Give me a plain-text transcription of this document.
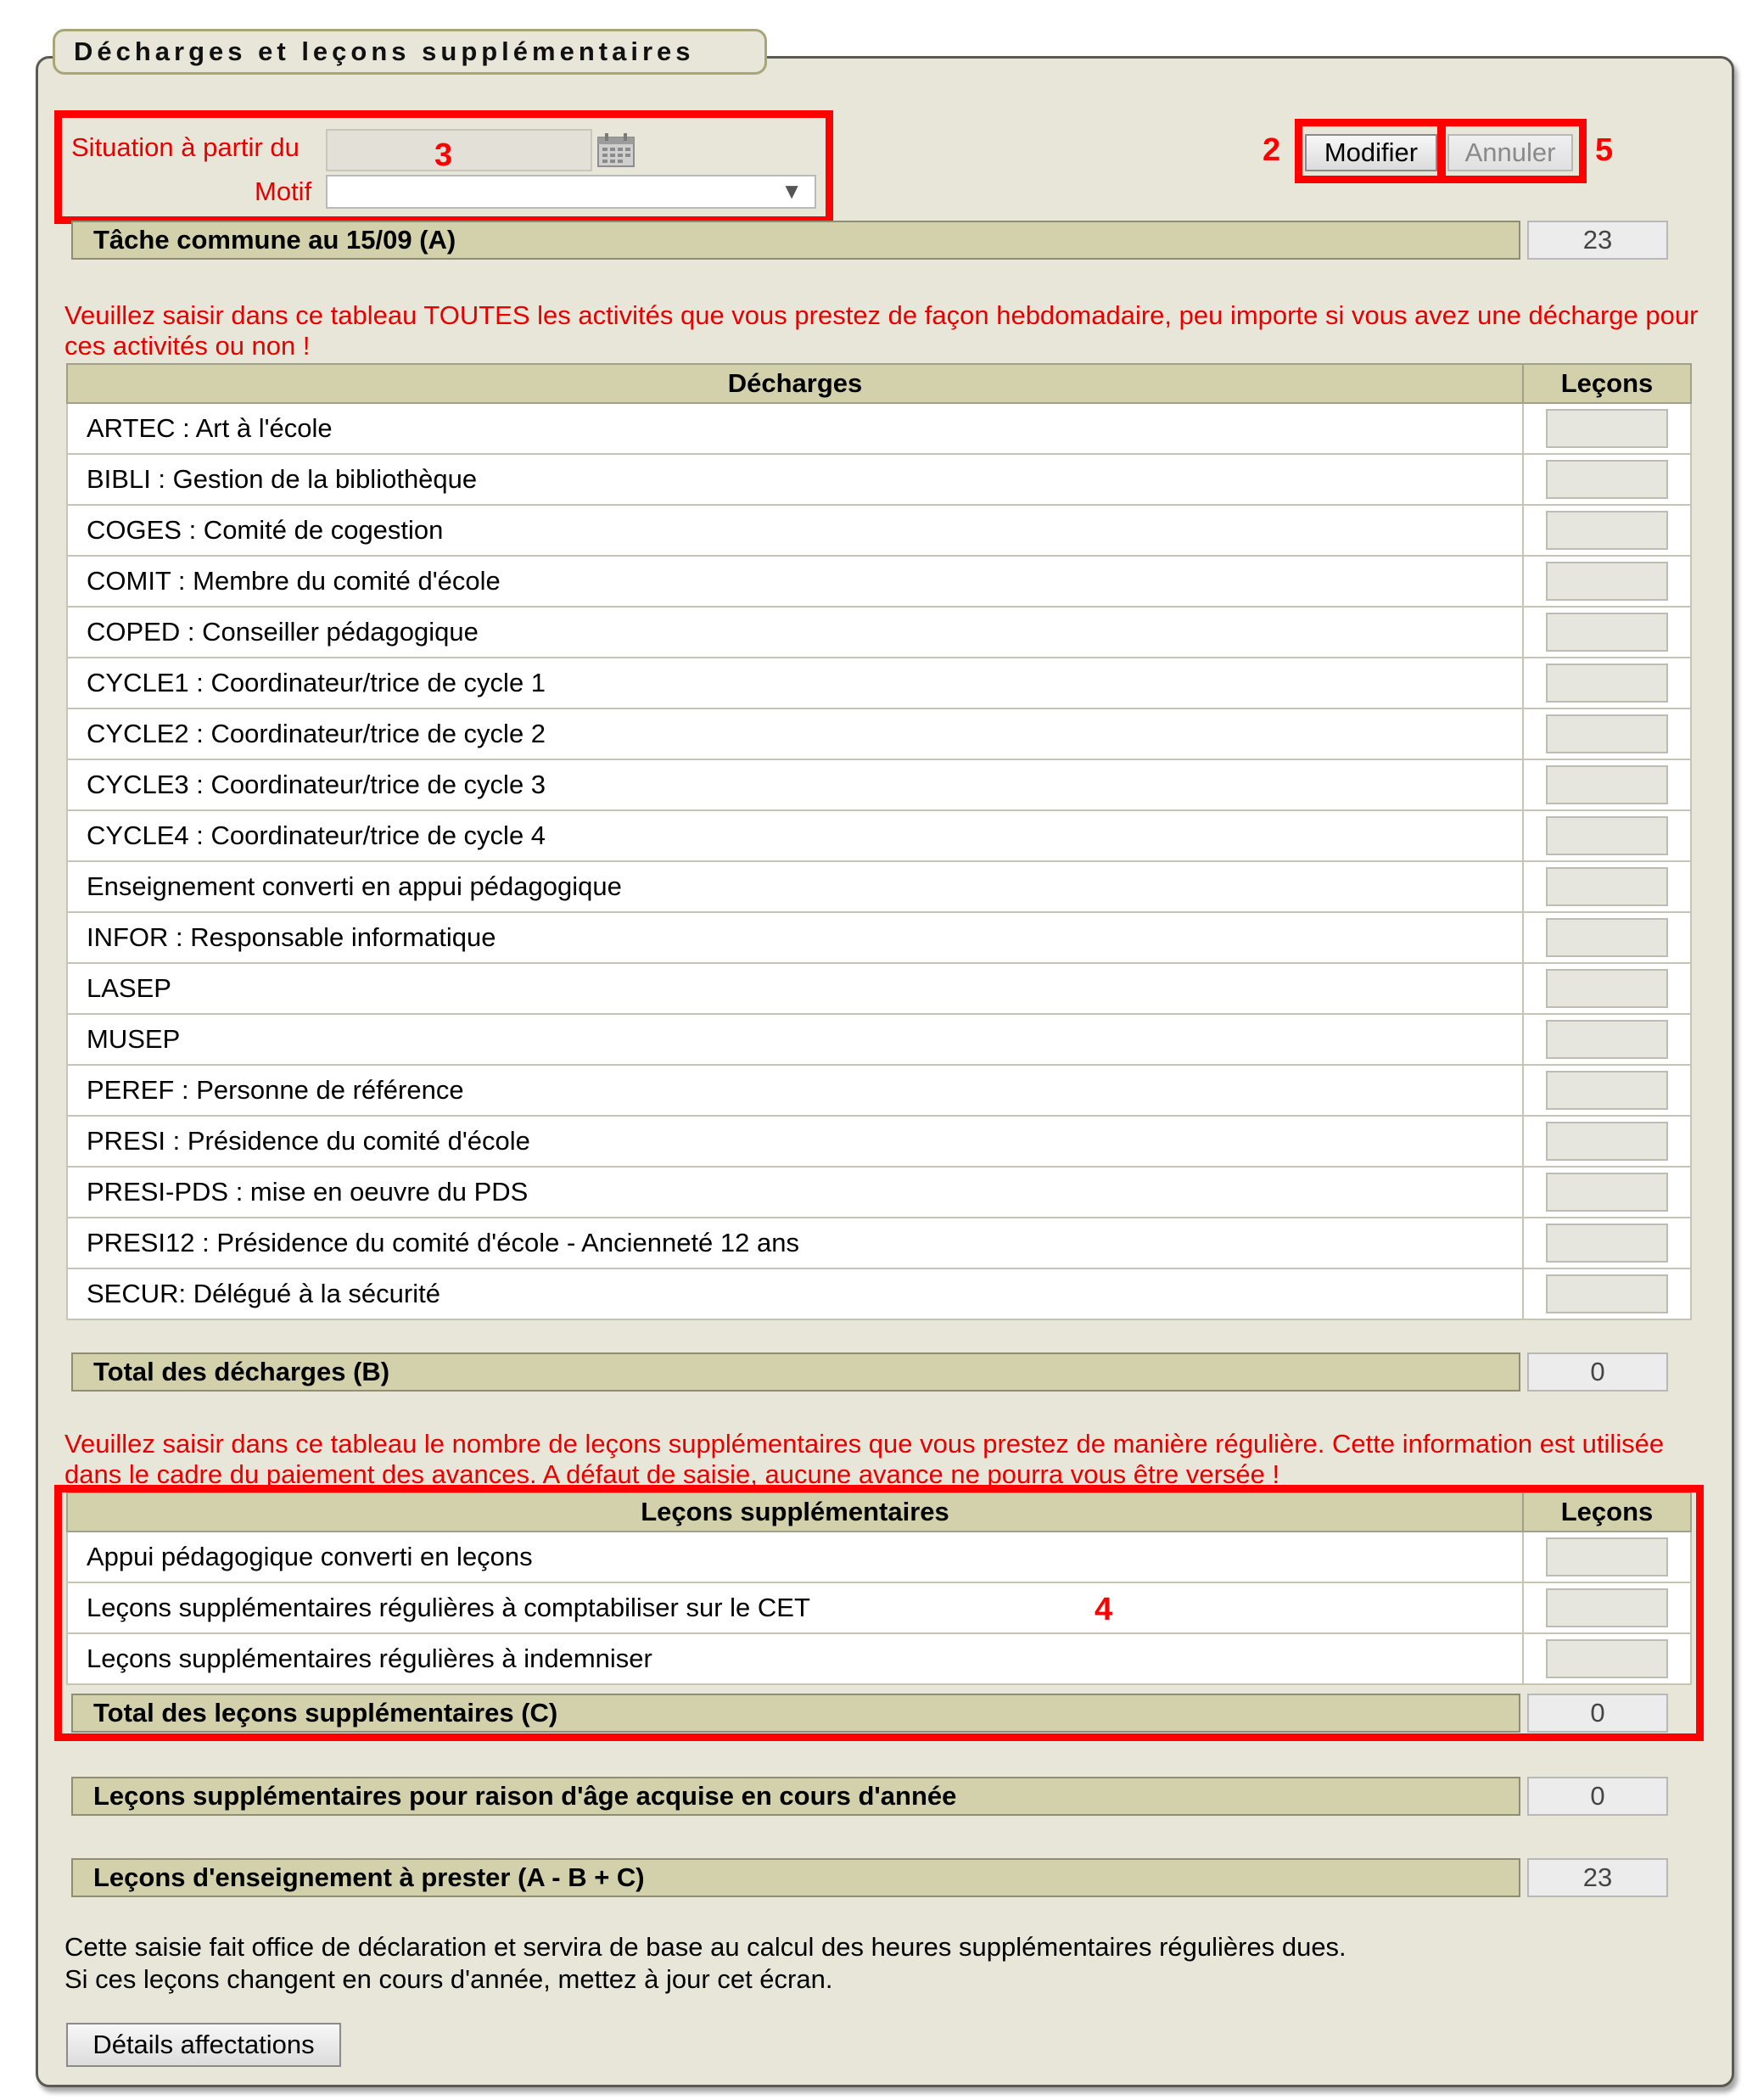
Décharges et leçons supplémentaires
Situation à partir du
Motif	▼
Modifier	Annuler
3	2	5
Tâche commune au 15/09 (A)	23
Veuillez saisir dans ce tableau TOUTES les activités que vous prestez de façon hebdomadaire, peu importe si vous avez une décharge pour ces activités ou non !
Décharges	Leçons
ARTEC : Art à l'école	
BIBLI : Gestion de la bibliothèque	
COGES : Comité de cogestion	
COMIT : Membre du comité d'école	
COPED : Conseiller pédagogique	
CYCLE1 : Coordinateur/trice de cycle 1	
CYCLE2 : Coordinateur/trice de cycle 2	
CYCLE3 : Coordinateur/trice de cycle 3	
CYCLE4 : Coordinateur/trice de cycle 4	
Enseignement converti en appui pédagogique	
INFOR : Responsable informatique	
LASEP	
MUSEP	
PEREF : Personne de référence	
PRESI : Présidence du comité d'école	
PRESI-PDS : mise en oeuvre du PDS	
PRESI12 : Présidence du comité d'école - Ancienneté 12 ans	
SECUR: Délégué à la sécurité	
Total des décharges (B)	0
Veuillez saisir dans ce tableau le nombre de leçons supplémentaires que vous prestez de manière régulière. Cette information est utilisée dans le cadre du paiement des avances. A défaut de saisie, aucune avance ne pourra vous être versée !
Leçons supplémentaires	Leçons
Appui pédagogique converti en leçons	
Leçons supplémentaires régulières à comptabiliser sur le CET	
Leçons supplémentaires régulières à indemniser	
Total des leçons supplémentaires (C)	0
4
Leçons supplémentaires pour raison d'âge acquise en cours d'année	0
Leçons d'enseignement à prester (A - B + C)	23
Cette saisie fait office de déclaration et servira de base au calcul des heures supplémentaires régulières dues.
Si ces leçons changent en cours d'année, mettez à jour cet écran.
Détails affectations
